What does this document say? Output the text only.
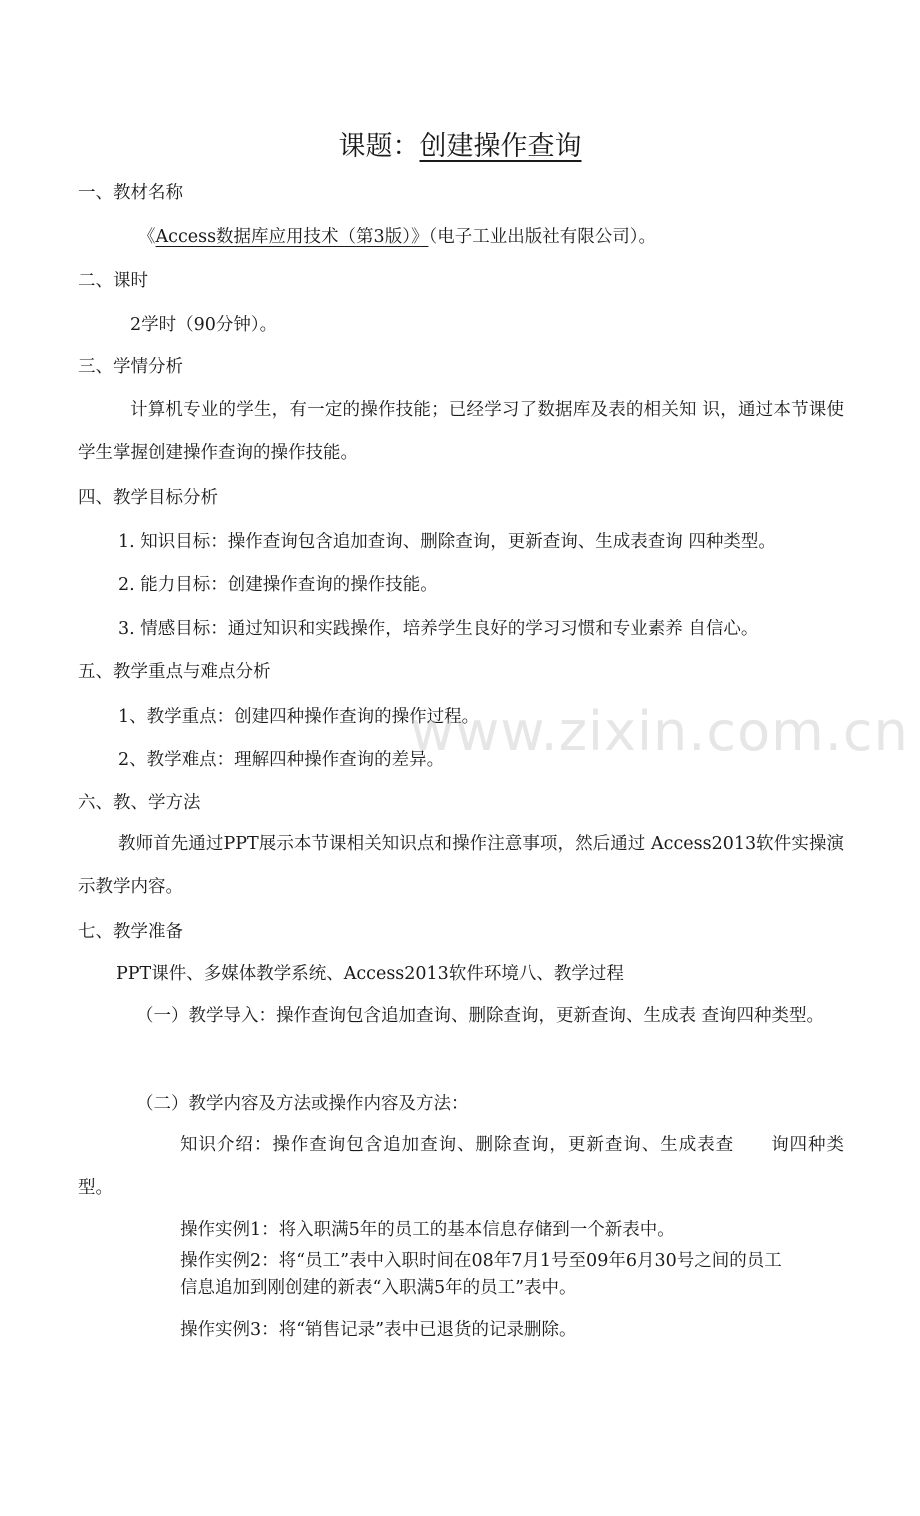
课题：创建操作查询
一、教材名称
《Access数据库应用技术（第3版）》（电子工业出版社有限公司）。
二、课时
2学时（90分钟）。
三、学情分析
计算机专业的学生，有一定的操作技能；已经学习了数据库及表的相关知 识，通过本节课使学生掌握创建操作查询的操作技能。
四、教学目标分析
1. 知识目标：操作查询包含追加查询、删除查询，更新查询、生成表查询 四种类型。
2. 能力目标：创建操作查询的操作技能。
3. 情感目标：通过知识和实践操作，培养学生良好的学习习惯和专业素养 自信心。
五、教学重点与难点分析
1、教学重点：创建四种操作查询的操作过程。
2、教学难点：理解四种操作查询的差异。
六、教、学方法
教师首先通过PPT展示本节课相关知识点和操作注意事项，然后通过 Access2013软件实操演示教学内容。
七、教学准备
PPT课件、多媒体教学系统、Access2013软件环境八、教学过程
（一）教学导入：操作查询包含追加查询、删除查询，更新查询、生成表 查询四种类型。
（二）教学内容及方法或操作内容及方法：
知识介绍：操作查询包含追加查询、删除查询，更新查询、生成表查　　询四种类型。
操作实例1：将入职满5年的员工的基本信息存储到一个新表中。
操作实例2：将“员工”表中入职时间在08年7月1号至09年6月30号之间的员工
信息追加到刚创建的新表“入职满5年的员工”表中。
操作实例3：将“销售记录”表中已退货的记录删除。
www.zixin.com.cn
